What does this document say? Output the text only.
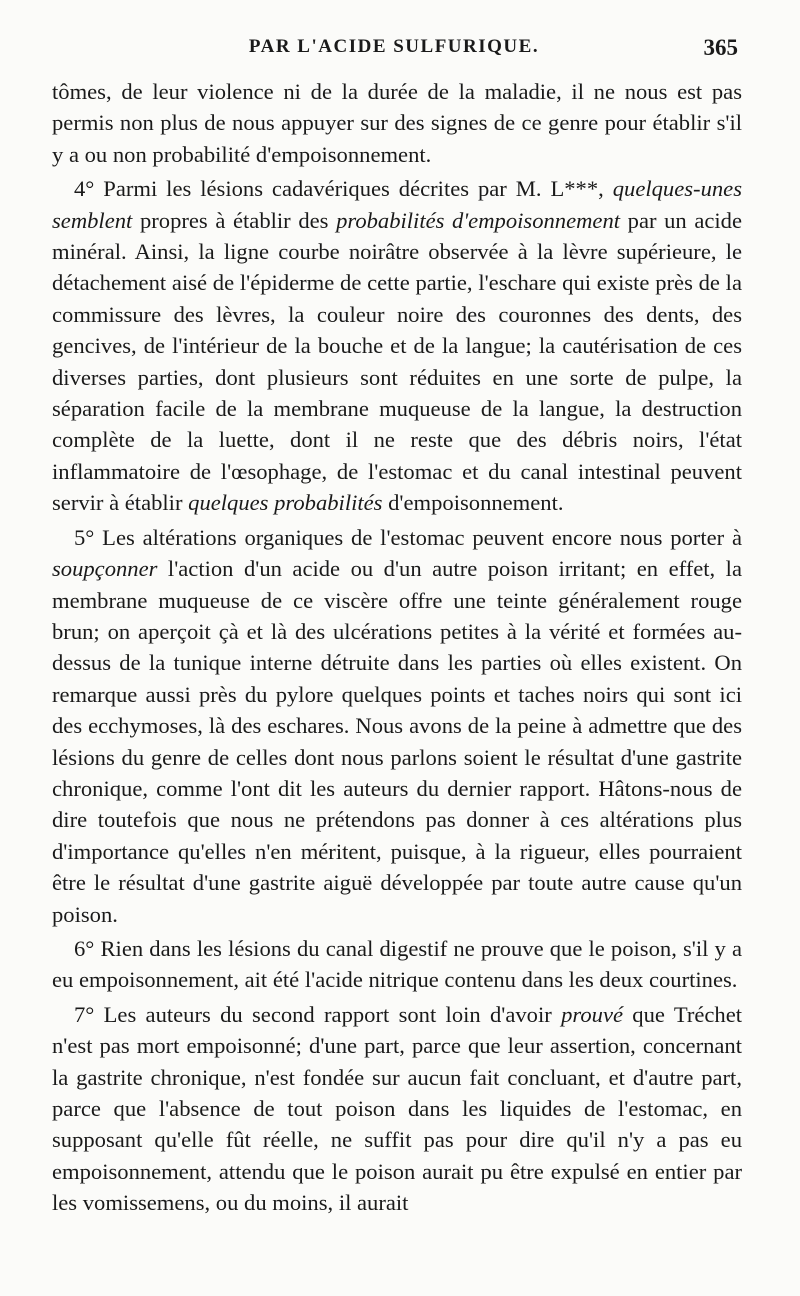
PAR L'ACIDE SULFURIQUE.	365

tômes, de leur violence ni de la durée de la maladie, il ne nous est pas permis non plus de nous appuyer sur des signes de ce genre pour établir s'il y a ou non probabilité d'empoisonnement.

4° Parmi les lésions cadavériques décrites par M. L***, quelques-unes semblent propres à établir des probabilités d'empoisonnement par un acide minéral. Ainsi, la ligne courbe noirâtre observée à la lèvre supérieure, le détachement aisé de l'épiderme de cette partie, l'eschare qui existe près de la commissure des lèvres, la couleur noire des couronnes des dents, des gencives, de l'intérieur de la bouche et de la langue; la cautérisation de ces diverses parties, dont plusieurs sont réduites en une sorte de pulpe, la séparation facile de la membrane muqueuse de la langue, la destruction complète de la luette, dont il ne reste que des débris noirs, l'état inflammatoire de l'œsophage, de l'estomac et du canal intestinal peuvent servir à établir quelques probabilités d'empoisonnement.

5° Les altérations organiques de l'estomac peuvent encore nous porter à soupçonner l'action d'un acide ou d'un autre poison irritant; en effet, la membrane muqueuse de ce viscère offre une teinte généralement rouge brun; on aperçoit çà et là des ulcérations petites à la vérité et formées au-dessus de la tunique interne détruite dans les parties où elles existent. On remarque aussi près du pylore quelques points et taches noirs qui sont ici des ecchymoses, là des eschares. Nous avons de la peine à admettre que des lésions du genre de celles dont nous parlons soient le résultat d'une gastrite chronique, comme l'ont dit les auteurs du dernier rapport. Hâtons-nous de dire toutefois que nous ne prétendons pas donner à ces altérations plus d'importance qu'elles n'en méritent, puisque, à la rigueur, elles pourraient être le résultat d'une gastrite aiguë développée par toute autre cause qu'un poison.

6° Rien dans les lésions du canal digestif ne prouve que le poison, s'il y a eu empoisonnement, ait été l'acide nitrique contenu dans les deux courtines.

7° Les auteurs du second rapport sont loin d'avoir prouvé que Tréchet n'est pas mort empoisonné; d'une part, parce que leur assertion, concernant la gastrite chronique, n'est fondée sur aucun fait concluant, et d'autre part, parce que l'absence de tout poison dans les liquides de l'estomac, en supposant qu'elle fût réelle, ne suffit pas pour dire qu'il n'y a pas eu empoisonnement, attendu que le poison aurait pu être expulsé en entier par les vomissemens, ou du moins, il aurait
